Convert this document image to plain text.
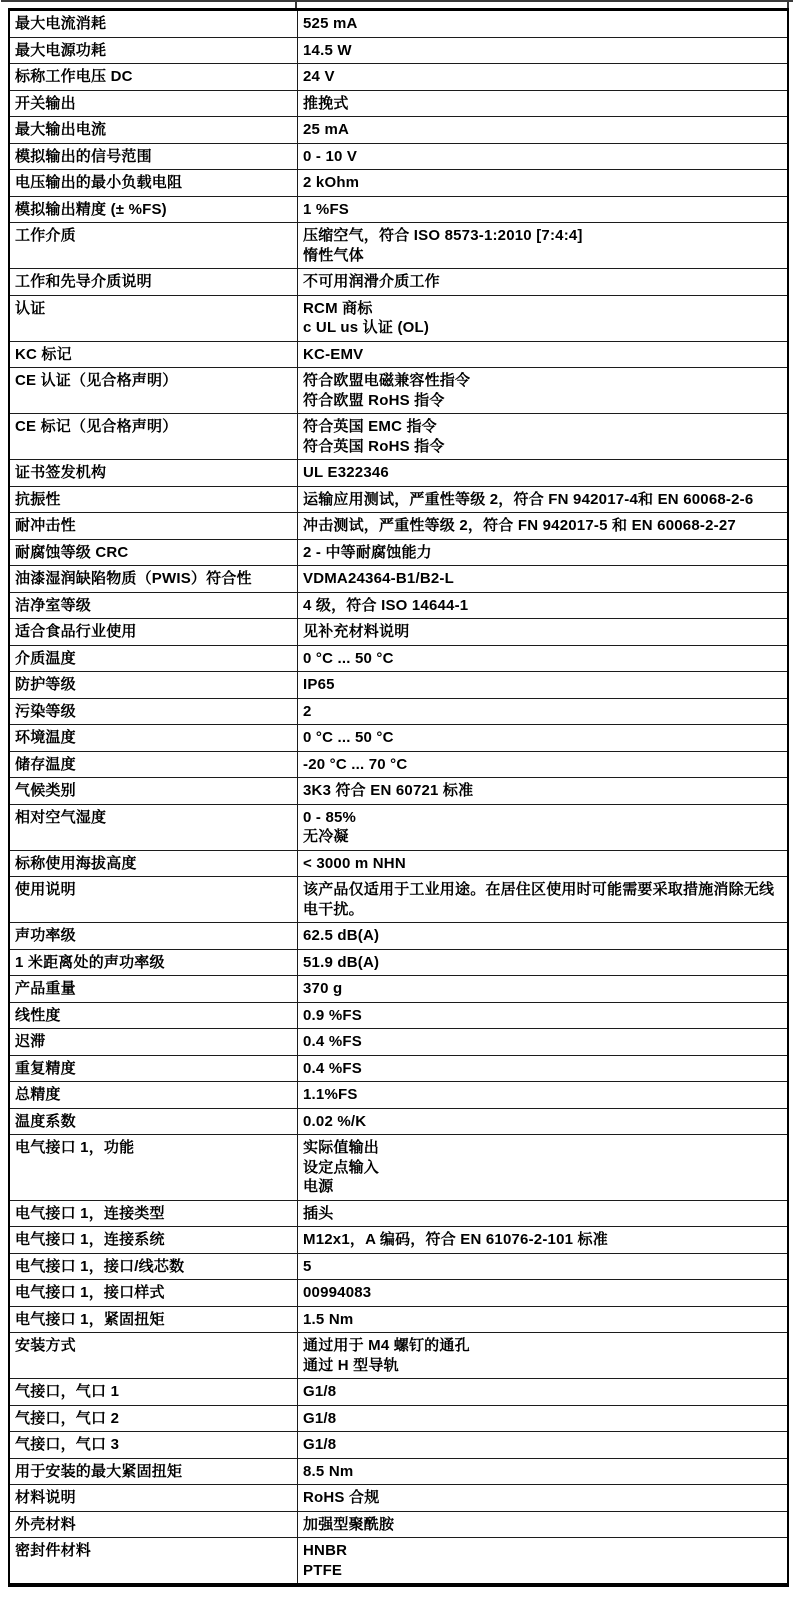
最大电流消耗	525 mA
最大电源功耗	14.5 W
标称工作电压 DC	24 V
开关输出	推挽式
最大输出电流	25 mA
模拟输出的信号范围	0 - 10 V
电压输出的最小负载电阻	2 kOhm
模拟输出精度 (± %FS)	1 %FS
工作介质	压缩空气，符合 ISO 8573-1:2010 [7:4:4]
惰性气体
工作和先导介质说明	不可用润滑介质工作
认证	RCM 商标
c UL us 认证 (OL)
KC 标记	KC-EMV
CE 认证（见合格声明）	符合欧盟电磁兼容性指令
符合欧盟 RoHS 指令
CE 标记（见合格声明）	符合英国 EMC 指令
符合英国 RoHS 指令
证书签发机构	UL E322346
抗振性	运输应用测试，严重性等级 2，符合 FN 942017-4和 EN 60068-2-6
耐冲击性	冲击测试，严重性等级 2，符合 FN 942017-5 和 EN 60068-2-27
耐腐蚀等级 CRC	2 - 中等耐腐蚀能力
油漆湿润缺陷物质（PWIS）符合性	VDMA24364-B1/B2-L
洁净室等级	4 级，符合 ISO 14644-1
适合食品行业使用	见补充材料说明
介质温度	0 °C ... 50 °C
防护等级	IP65
污染等级	2
环境温度	0 °C ... 50 °C
储存温度	-20 °C ... 70 °C
气候类别	3K3 符合 EN 60721 标准
相对空气湿度	0 - 85%
无冷凝
标称使用海拔高度	< 3000 m NHN
使用说明	该产品仅适用于工业用途。在居住区使用时可能需要采取措施消除无线电干扰。
声功率级	62.5 dB(A)
1 米距离处的声功率级	51.9 dB(A)
产品重量	370 g
线性度	0.9 %FS
迟滞	0.4 %FS
重复精度	0.4 %FS
总精度	1.1%FS
温度系数	0.02 %/K
电气接口 1，功能	实际值输出
设定点输入
电源
电气接口 1，连接类型	插头
电气接口 1，连接系统	M12x1，A 编码，符合 EN 61076-2-101 标准
电气接口 1，接口/线芯数	5
电气接口 1，接口样式	00994083
电气接口 1，紧固扭矩	1.5 Nm
安装方式	通过用于 M4 螺钉的通孔
通过 H 型导轨
气接口，气口 1	G1/8
气接口，气口 2	G1/8
气接口，气口 3	G1/8
用于安装的最大紧固扭矩	8.5 Nm
材料说明	RoHS 合规
外壳材料	加强型聚酰胺
密封件材料	HNBR
PTFE
